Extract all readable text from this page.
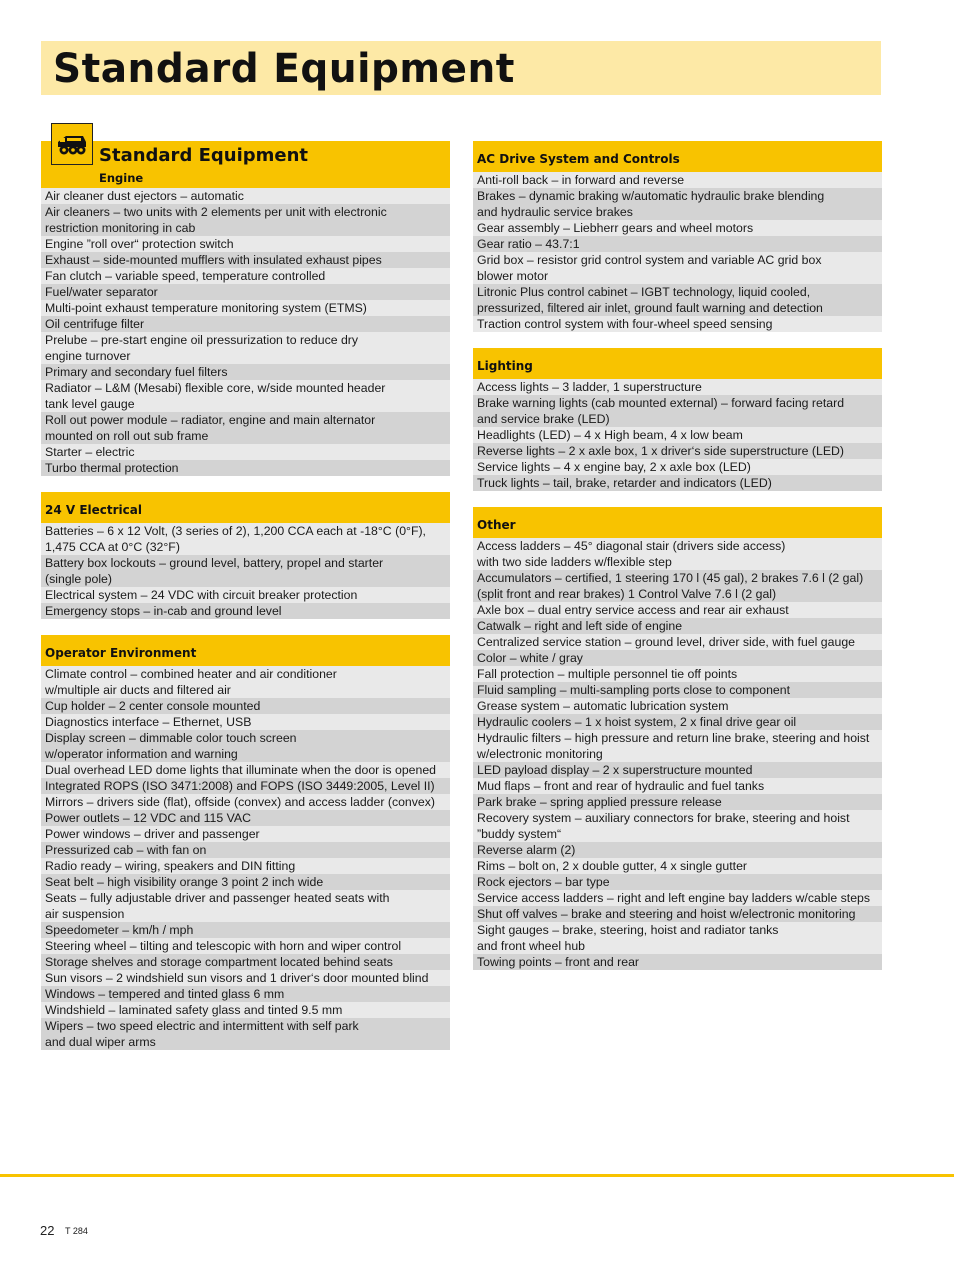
Standard Equipment
Standard Equipment
Engine
Air cleaner dust ejectors – automatic
Air cleaners – two units with 2 elements per unit with electronic
restriction monitoring in cab
Engine ”roll over“ protection switch
Exhaust – side-mounted mufflers with insulated exhaust pipes
Fan clutch – variable speed, temperature controlled
Fuel/water separator
Multi-point exhaust temperature monitoring system (ETMS)
Oil centrifuge filter
Prelube – pre-start engine oil pressurization to reduce dry
engine turnover
Primary and secondary fuel filters
Radiator – L&M (Mesabi) flexible core, w/side mounted header
tank level gauge
Roll out power module – radiator, engine and main alternator
mounted on roll out sub frame
Starter – electric
Turbo thermal protection
24 V Electrical
Batteries – 6 x 12 Volt, (3 series of 2), 1,200 CCA each at -18°C (0°F),
1,475 CCA at 0°C (32°F)
Battery box lockouts – ground level, battery, propel and starter
(single pole)
Electrical system – 24 VDC with circuit breaker protection
Emergency stops – in-cab and ground level
Operator Environment
Climate control – combined heater and air conditioner
w/multiple air ducts and filtered air
Cup holder – 2 center console mounted
Diagnostics interface – Ethernet, USB
Display screen – dimmable color touch screen
w/operator information and warning
Dual overhead LED dome lights that illuminate when the door is opened
Integrated ROPS (ISO 3471:2008) and FOPS (ISO 3449:2005, Level II)
Mirrors – drivers side (flat), offside (convex) and access ladder (convex)
Power outlets – 12 VDC and 115 VAC
Power windows – driver and passenger
Pressurized cab – with fan on
Radio ready – wiring, speakers and DIN fitting
Seat belt – high visibility orange 3 point 2 inch wide
Seats – fully adjustable driver and passenger heated seats with
air suspension
Speedometer – km/h / mph
Steering wheel – tilting and telescopic with horn and wiper control
Storage shelves and storage compartment located behind seats
Sun visors – 2 windshield sun visors and 1 driver‘s door mounted blind
Windows – tempered and tinted glass 6 mm
Windshield – laminated safety glass and tinted 9.5 mm
Wipers – two speed electric and intermittent with self park
and dual wiper arms
AC Drive System and Controls
Anti-roll back – in forward and reverse
Brakes – dynamic braking w/automatic hydraulic brake blending
and hydraulic service brakes
Gear assembly – Liebherr gears and wheel motors
Gear ratio – 43.7:1
Grid box – resistor grid control system and variable AC grid box
blower motor
Litronic Plus control cabinet – IGBT technology, liquid cooled,
pressurized, filtered air inlet, ground fault warning and detection
Traction control system with four-wheel speed sensing
Lighting
Access lights – 3 ladder, 1 superstructure
Brake warning lights (cab mounted external) – forward facing retard
and service brake (LED)
Headlights (LED) – 4 x High beam, 4 x low beam
Reverse lights – 2 x axle box, 1 x driver‘s side superstructure (LED)
Service lights – 4 x engine bay, 2 x axle box (LED)
Truck lights – tail, brake, retarder and indicators (LED)
Other
Access ladders – 45° diagonal stair (drivers side access)
with two side ladders w/flexible step
Accumulators – certified, 1 steering 170 l (45 gal), 2 brakes 7.6 l (2 gal)
(split front and rear brakes) 1 Control Valve 7.6 l (2 gal)
Axle box – dual entry service access and rear air exhaust
Catwalk – right and left side of engine
Centralized service station – ground level, driver side, with fuel gauge
Color – white / gray
Fall protection – multiple personnel tie off points
Fluid sampling – multi-sampling ports close to component
Grease system – automatic lubrication system
Hydraulic coolers – 1 x hoist system, 2 x final drive gear oil
Hydraulic filters – high pressure and return line brake, steering and hoist
w/electronic monitoring
LED payload display – 2 x superstructure mounted
Mud flaps – front and rear of hydraulic and fuel tanks
Park brake – spring applied pressure release
Recovery system – auxiliary connectors for brake, steering and hoist
”buddy system“
Reverse alarm (2)
Rims – bolt on, 2 x double gutter, 4 x single gutter
Rock ejectors – bar type
Service access ladders – right and left engine bay ladders w/cable steps
Shut off valves – brake and steering and hoist w/electronic monitoring
Sight gauges – brake, steering, hoist and radiator tanks
and front wheel hub
Towing points – front and rear
22 T 284
